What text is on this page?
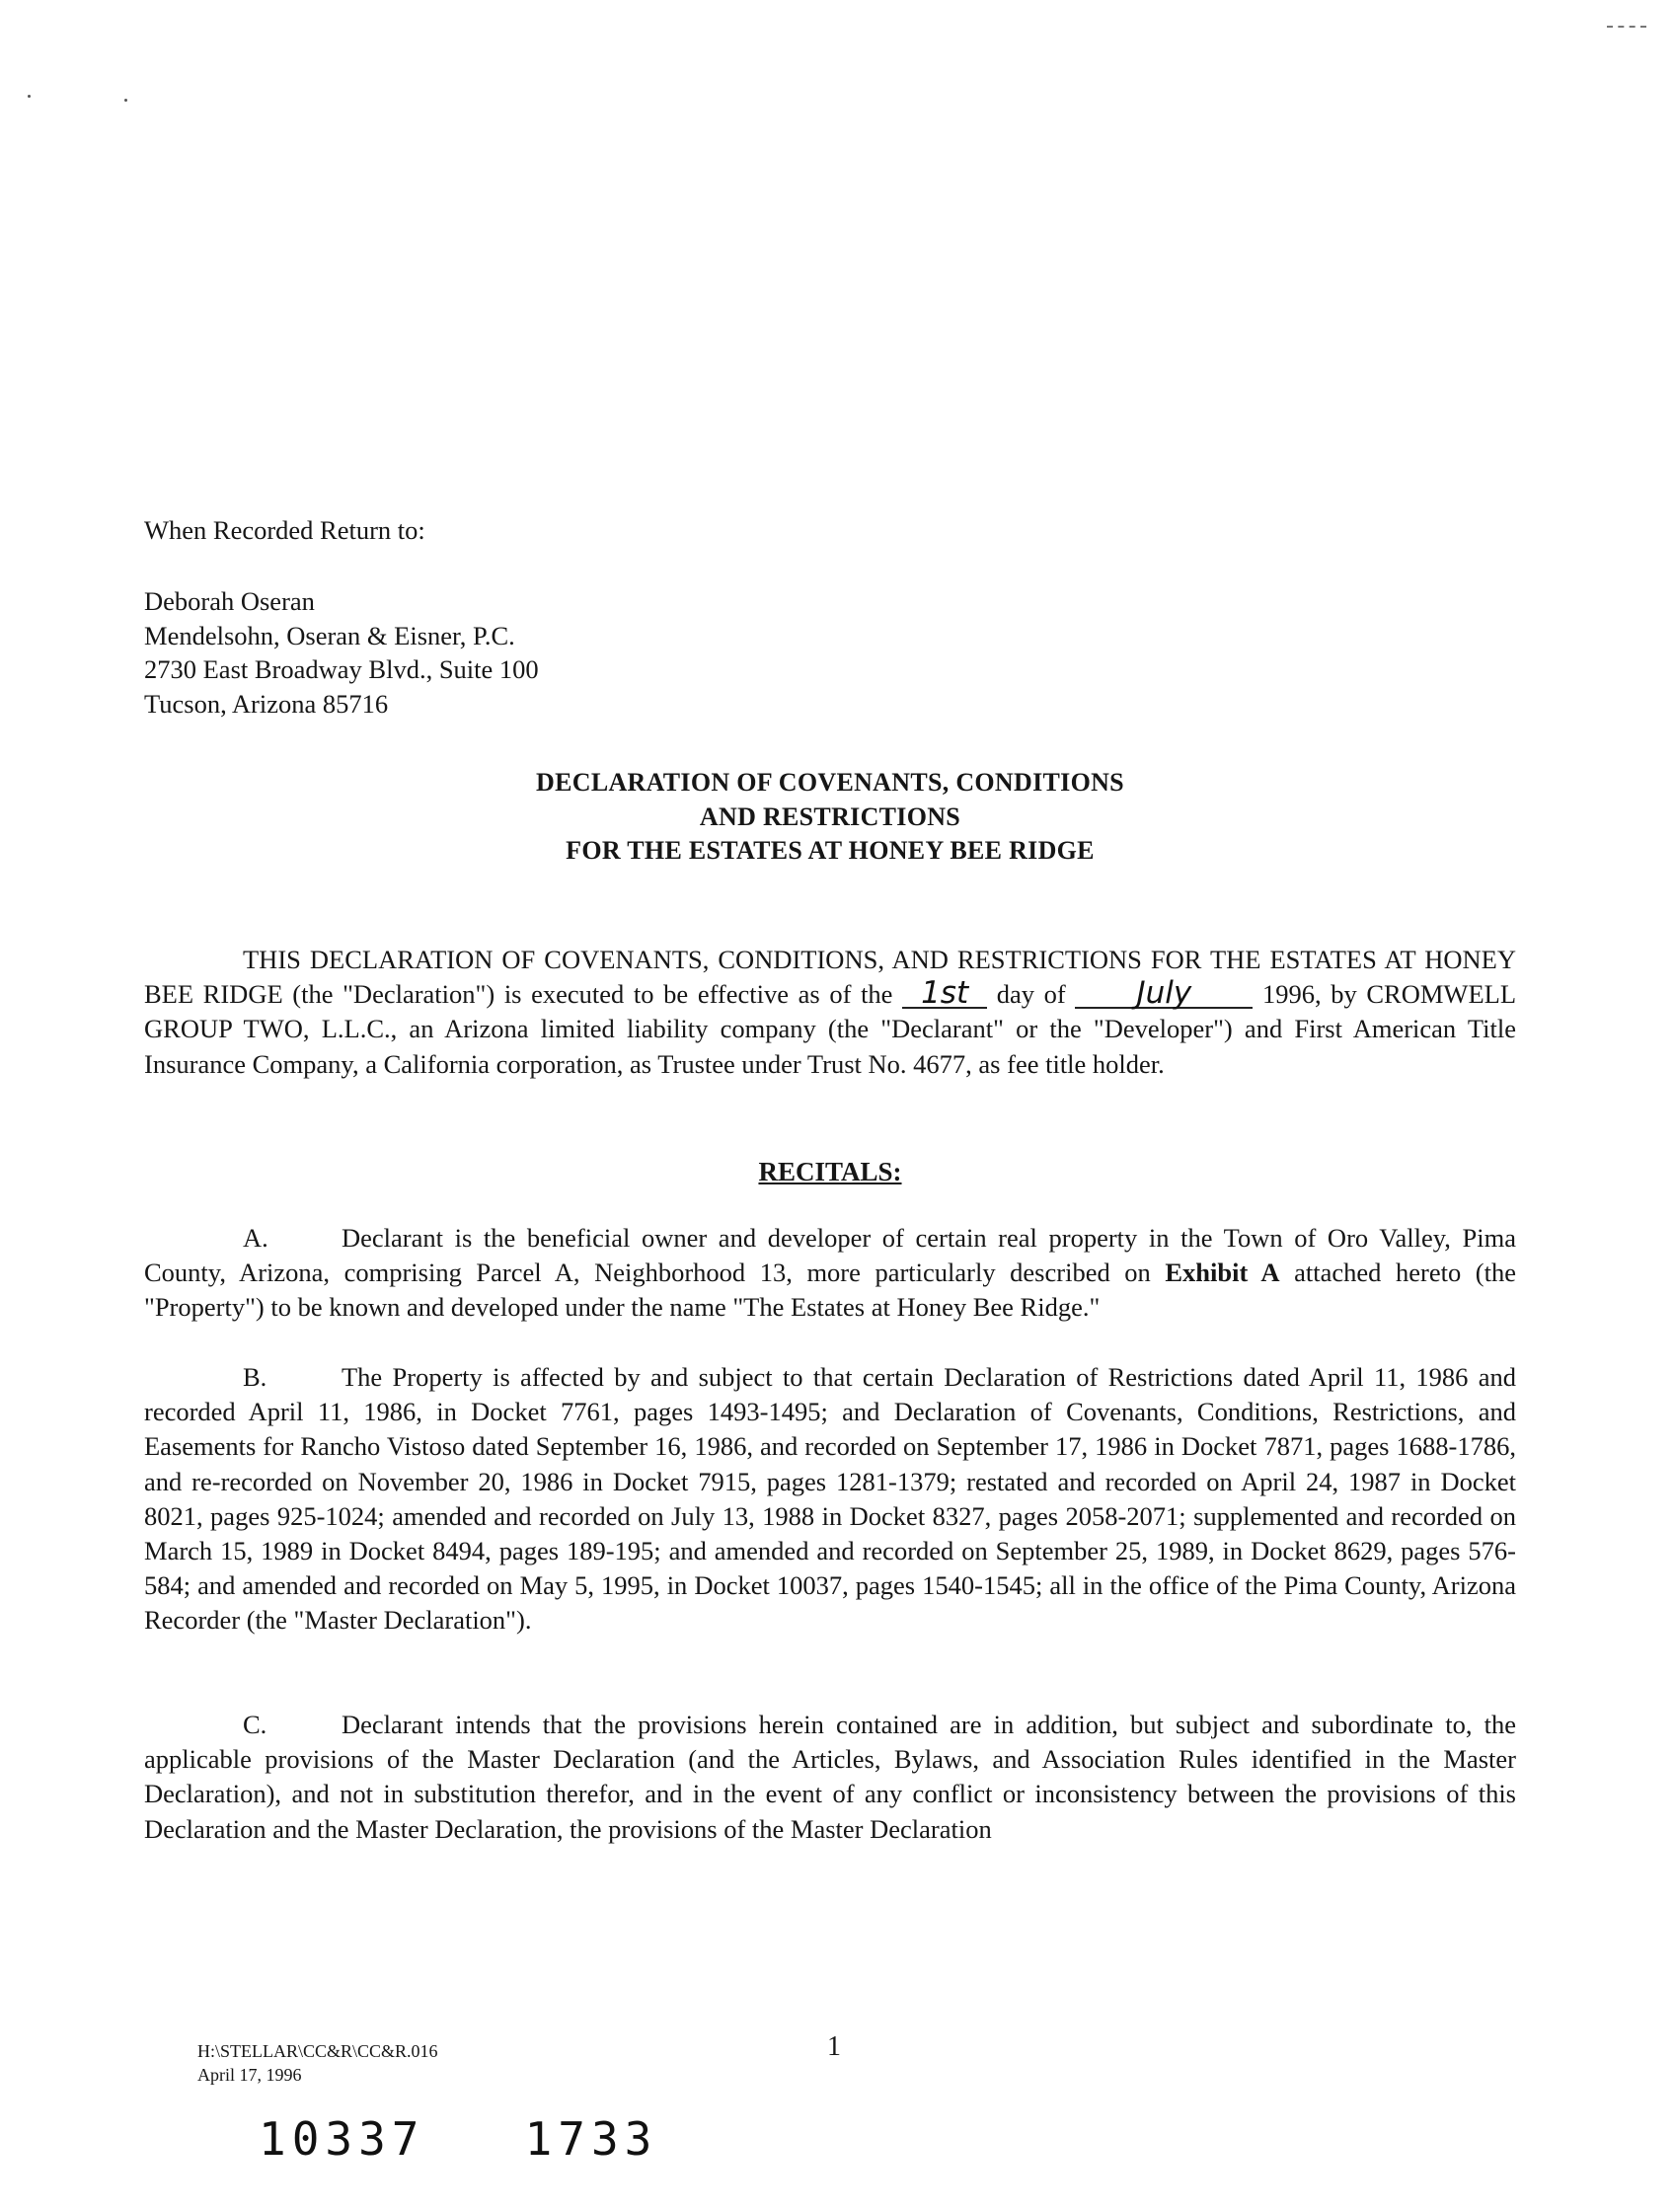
When Recorded Return to:
Deborah Oseran
Mendelsohn, Oseran & Eisner, P.C.
2730 East Broadway Blvd., Suite 100
Tucson, Arizona 85716
DECLARATION OF COVENANTS, CONDITIONS
AND RESTRICTIONS
FOR THE ESTATES AT HONEY BEE RIDGE
THIS DECLARATION OF COVENANTS, CONDITIONS, AND RESTRICTIONS FOR THE ESTATES AT HONEY BEE RIDGE (the "Declaration") is executed to be effective as of the 1st day of July 1996, by CROMWELL GROUP TWO, L.L.C., an Arizona limited liability company (the "Declarant" or the "Developer") and First American Title Insurance Company, a California corporation, as Trustee under Trust No. 4677, as fee title holder.
RECITALS:
A.	Declarant is the beneficial owner and developer of certain real property in the Town of Oro Valley, Pima County, Arizona, comprising Parcel A, Neighborhood 13, more particularly described on Exhibit A attached hereto (the "Property") to be known and developed under the name "The Estates at Honey Bee Ridge."
B.	The Property is affected by and subject to that certain Declaration of Restrictions dated April 11, 1986 and recorded April 11, 1986, in Docket 7761, pages 1493-1495; and Declaration of Covenants, Conditions, Restrictions, and Easements for Rancho Vistoso dated September 16, 1986, and recorded on September 17, 1986 in Docket 7871, pages 1688-1786, and re-recorded on November 20, 1986 in Docket 7915, pages 1281-1379; restated and recorded on April 24, 1987 in Docket 8021, pages 925-1024; amended and recorded on July 13, 1988 in Docket 8327, pages 2058-2071; supplemented and recorded on March 15, 1989 in Docket 8494, pages 189-195; and amended and recorded on September 25, 1989, in Docket 8629, pages 576-584; and amended and recorded on May 5, 1995, in Docket 10037, pages 1540-1545; all in the office of the Pima County, Arizona Recorder (the "Master Declaration").
C.	Declarant intends that the provisions herein contained are in addition, but subject and subordinate to, the applicable provisions of the Master Declaration (and the Articles, Bylaws, and Association Rules identified in the Master Declaration), and not in substitution therefor, and in the event of any conflict or inconsistency between the provisions of this Declaration and the Master Declaration, the provisions of the Master Declaration
H:\STELLAR\CC&R\CC&R.016
April 17, 1996
1
10337 1733
